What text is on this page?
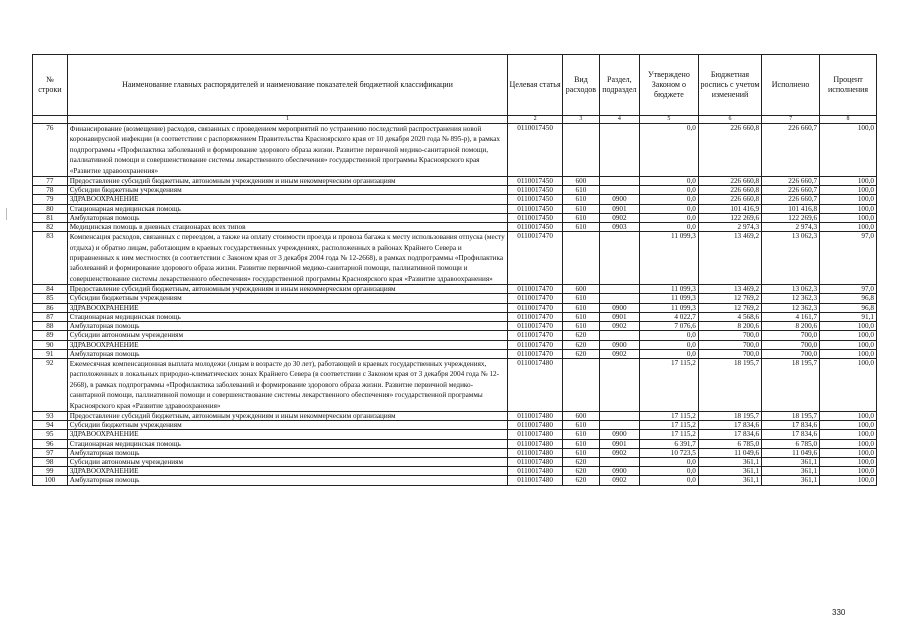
№ строки	Наименование главных распорядителей и наименование показателей бюджетной классификации	Целевая статья	Вид расходов	Раздел, подраздел	Утверждено Законом о бюджете	Бюджетная роспись с учетом изменений	Исполнено	Процент исполнения
	1	2	3	4	5	6	7	8
76	Финансирование (возмещение) расходов, связанных с проведением мероприятий по устранению последствий распространения новой коронавирусной инфекции (в соответствии с распоряжением Правительства Красноярского края от 10 декабря 2020 года № 895-р), в рамках подпрограммы «Профилактика заболеваний и формирование здорового образа жизни. Развитие первичной медико-санитарной помощи, паллиативной помощи и совершенствование системы лекарственного обеспечения» государственной программы Красноярского края «Развитие здравоохранения»	0110017450			0,0	226 660,8	226 660,7	100,0
77	Предоставление субсидий бюджетным, автономным учреждениям и иным некоммерческим организациям	0110017450	600		0,0	226 660,8	226 660,7	100,0
78	Субсидии бюджетным учреждениям	0110017450	610		0,0	226 660,8	226 660,7	100,0
79	ЗДРАВООХРАНЕНИЕ	0110017450	610	0900	0,0	226 660,8	226 660,7	100,0
80	Стационарная медицинская помощь	0110017450	610	0901	0,0	101 416,9	101 416,8	100,0
81	Амбулаторная помощь	0110017450	610	0902	0,0	122 269,6	122 269,6	100,0
82	Медицинская помощь в дневных стационарах всех типов	0110017450	610	0903	0,0	2 974,3	2 974,3	100,0
83	Компенсация расходов, связанных с переездом, а также на оплату стоимости проезда и провоза багажа к месту использования отпуска (месту отдыха) и обратно лицам, работающим в краевых государственных учреждениях, расположенных в районах Крайнего Севера и приравненных к ним местностях (в соответствии с Законом края от 3 декабря 2004 года № 12-2668), в рамках подпрограммы «Профилактика заболеваний и формирование здорового образа жизни. Развитие первичной медико-санитарной помощи, паллиативной помощи и совершенствование системы лекарственного обеспечения» государственной программы Красноярского края «Развитие здравоохранения»	0110017470			11 099,3	13 469,2	13 062,3	97,0
84	Предоставление субсидий бюджетным, автономным учреждениям и иным некоммерческим организациям	0110017470	600		11 099,3	13 469,2	13 062,3	97,0
85	Субсидии бюджетным учреждениям	0110017470	610		11 099,3	12 769,2	12 362,3	96,8
86	ЗДРАВООХРАНЕНИЕ	0110017470	610	0900	11 099,3	12 769,2	12 362,3	96,8
87	Стационарная медицинская помощь	0110017470	610	0901	4 022,7	4 568,6	4 161,7	91,1
88	Амбулаторная помощь	0110017470	610	0902	7 076,6	8 200,6	8 200,6	100,0
89	Субсидии автономным учреждениям	0110017470	620		0,0	700,0	700,0	100,0
90	ЗДРАВООХРАНЕНИЕ	0110017470	620	0900	0,0	700,0	700,0	100,0
91	Амбулаторная помощь	0110017470	620	0902	0,0	700,0	700,0	100,0
92	Ежемесячная компенсационная выплата молодежи (лицам в возрасте до 30 лет), работающей в краевых государственных учреждениях, расположенных в локальных природно-климатических зонах Крайнего Севера (в соответствии с Законом края от 3 декабря 2004 года № 12-2668), в рамках подпрограммы «Профилактика заболеваний и формирование здорового образа жизни. Развитие первичной медико-санитарной помощи, паллиативной помощи и совершенствование системы лекарственного обеспечения» государственной программы Красноярского края «Развитие здравоохранения»	0110017480			17 115,2	18 195,7	18 195,7	100,0
93	Предоставление субсидий бюджетным, автономным учреждениям и иным некоммерческим организациям	0110017480	600		17 115,2	18 195,7	18 195,7	100,0
94	Субсидии бюджетным учреждениям	0110017480	610		17 115,2	17 834,6	17 834,6	100,0
95	ЗДРАВООХРАНЕНИЕ	0110017480	610	0900	17 115,2	17 834,6	17 834,6	100,0
96	Стационарная медицинская помощь	0110017480	610	0901	6 391,7	6 785,0	6 785,0	100,0
97	Амбулаторная помощь	0110017480	610	0902	10 723,5	11 049,6	11 049,6	100,0
98	Субсидии автономным учреждениям	0110017480	620		0,0	361,1	361,1	100,0
99	ЗДРАВООХРАНЕНИЕ	0110017480	620	0900	0,0	361,1	361,1	100,0
100	Амбулаторная помощь	0110017480	620	0902	0,0	361,1	361,1	100,0
330
